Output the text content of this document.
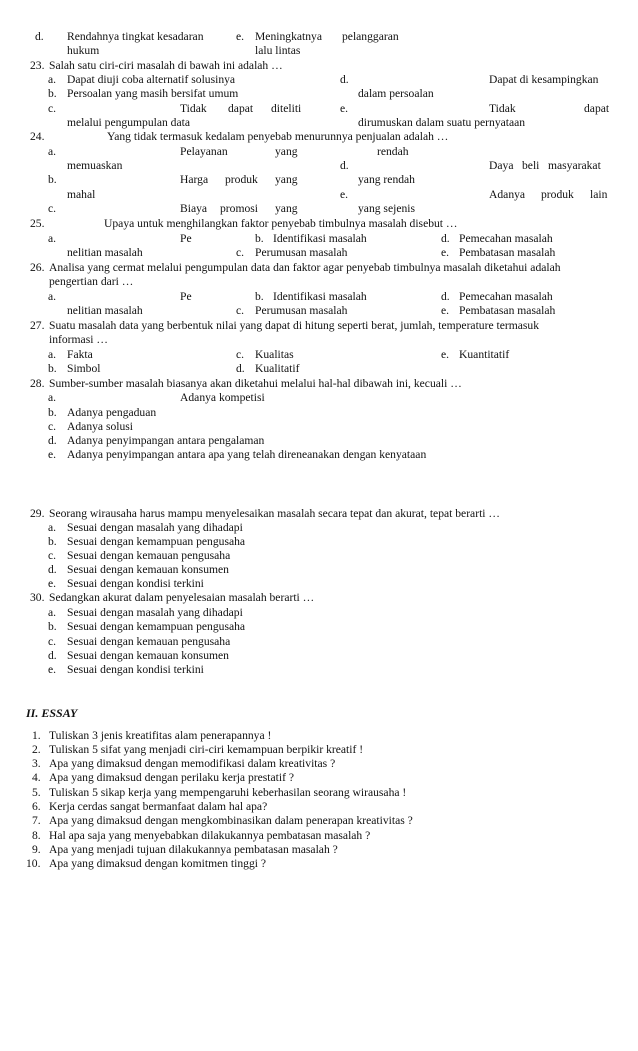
d. Rendahnya tingkat kesadaran
hukum
e. Meningkatnya pelanggaran
lalu lintas
23. Salah satu ciri-ciri masalah di bawah ini adalah …
a. Dapat diuji coba alternatif solusinya	d.	Dapat di kesampingkan
b. Persoalan yang masih bersifat umum	dalam persoalan
c.	Tidak dapat diteliti	e.	Tidak	dapat
melalui pengumpulan data	dirumuskan dalam suatu pernyataan
24.	Yang tidak termasuk kedalam penyebab menurunnya penjualan adalah …
a.	Pelayanan	yang	rendah
memuaskan	d.	Daya beli masyarakat
b.	Harga produk yang	yang rendah
mahal	e.	Adanya produk lain
c.	Biaya promosi yang	yang sejenis
25.	Upaya untuk menghilangkan faktor penyebab timbulnya masalah disebut …
a.	Pe	b. Identifikasi masalah	d. Pemecahan masalah
nelitian masalah	c. Perumusan masalah	e. Pembatasan masalah
26. Analisa yang cermat melalui pengumpulan data dan faktor agar penyebab timbulnya masalah diketahui adalah
pengertian dari …
a.	Pe	b. Identifikasi masalah	d. Pemecahan masalah
nelitian masalah	c. Perumusan masalah	e. Pembatasan masalah
27. Suatu masalah data yang berbentuk nilai yang dapat di hitung seperti berat, jumlah, temperature termasuk
informasi …
a. Fakta	c. Kualitas	e. Kuantitatif
b. Simbol	d. Kualitatif
28. Sumber-sumber masalah biasanya akan diketahui melalui hal-hal dibawah ini, kecuali …
a.	Adanya kompetisi
b. Adanya pengaduan
c. Adanya solusi
d. Adanya penyimpangan antara pengalaman
e. Adanya penyimpangan antara apa yang telah direneanakan dengan kenyataan
29. Seorang wirausaha harus mampu menyelesaikan masalah secara tepat dan akurat, tepat berarti …
a. Sesuai dengan masalah yang dihadapi
b. Sesuai dengan kemampuan pengusaha
c. Sesuai dengan kemauan pengusaha
d. Sesuai dengan kemauan konsumen
e. Sesuai dengan kondisi terkini
30. Sedangkan akurat dalam penyelesaian masalah berarti …
a. Sesuai dengan masalah yang dihadapi
b. Sesuai dengan kemampuan pengusaha
c. Sesuai dengan kemauan pengusaha
d. Sesuai dengan kemauan konsumen
e. Sesuai dengan kondisi terkini
II. ESSAY
1. Tuliskan 3 jenis kreatifitas alam penerapannya !
2. Tuliskan 5 sifat yang menjadi ciri-ciri kemampuan berpikir kreatif !
3. Apa yang dimaksud dengan memodifikasi dalam kreativitas ?
4. Apa yang dimaksud dengan perilaku kerja prestatif ?
5. Tuliskan 5 sikap kerja yang mempengaruhi keberhasilan seorang wirausaha !
6. Kerja cerdas sangat bermanfaat dalam hal apa?
7. Apa yang dimaksud dengan mengkombinasikan dalam penerapan kreativitas ?
8. Hal apa saja yang menyebabkan dilakukannya pembatasan masalah ?
9. Apa yang menjadi tujuan dilakukannya pembatasan masalah ?
10. Apa yang dimaksud dengan komitmen tinggi ?
